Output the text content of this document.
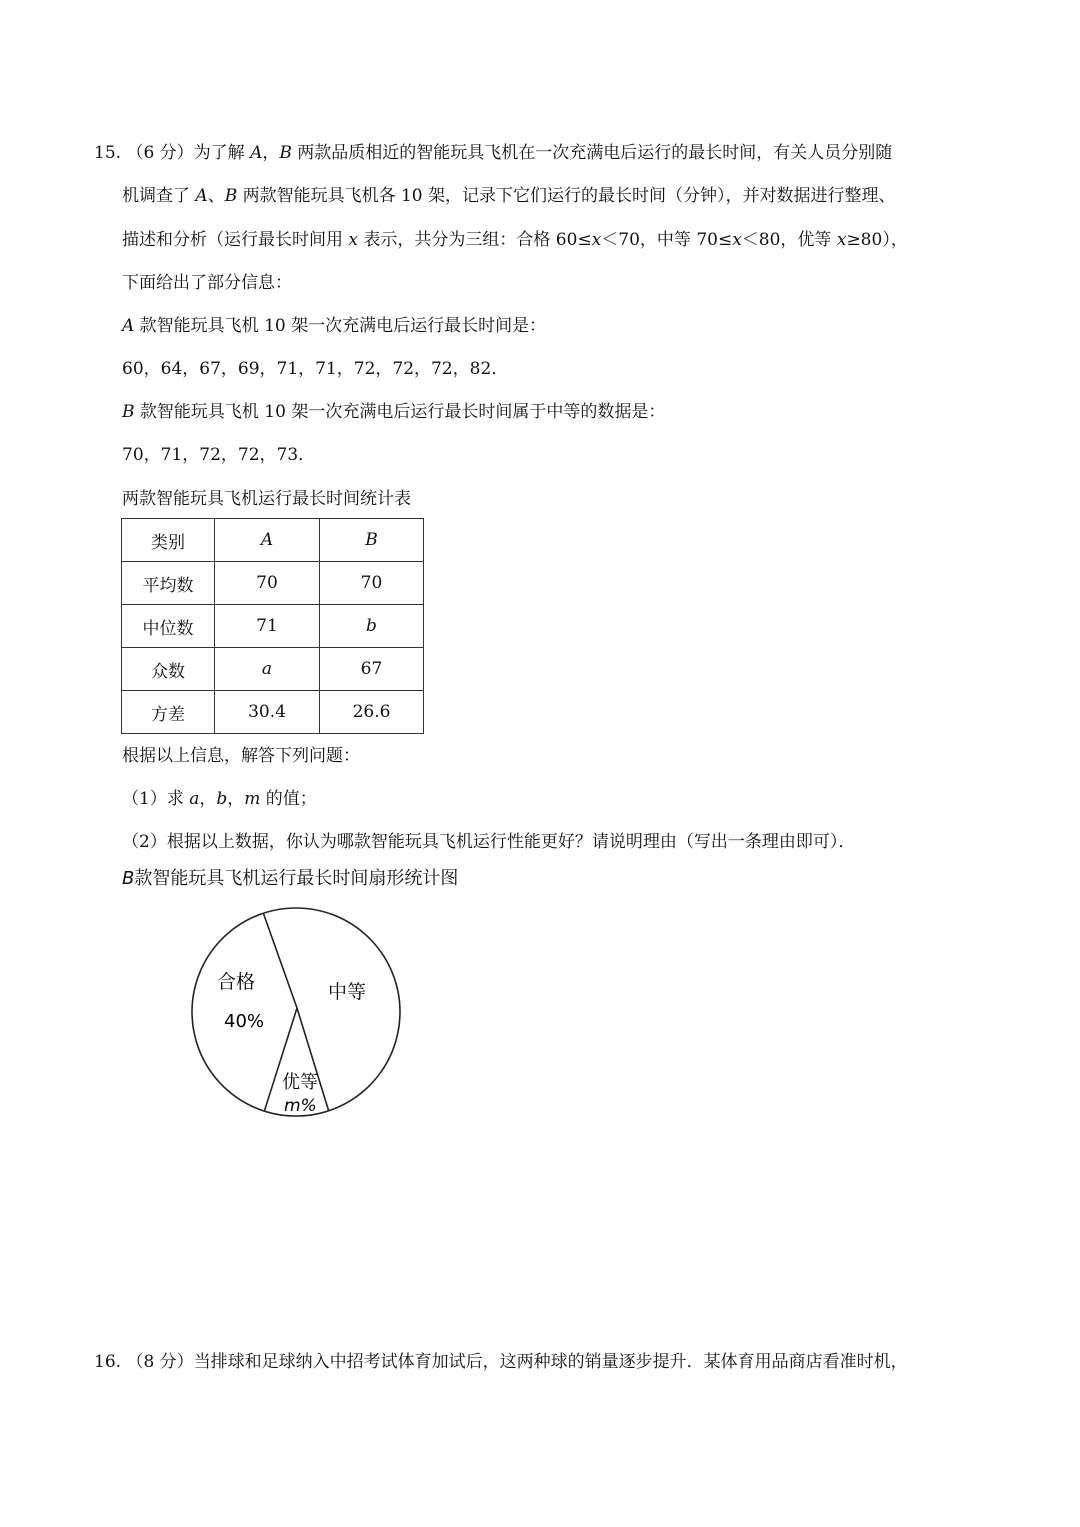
15. （6 分）为了解 A，B 两款品质相近的智能玩具飞机在一次充满电后运行的最长时间，有关人员分别随
机调查了 A、B 两款智能玩具飞机各 10 架，记录下它们运行的最长时间（分钟），并对数据进行整理、
描述和分析（运行最长时间用 x 表示，共分为三组：合格 60≤x＜70，中等 70≤x＜80，优等 x≥80），
下面给出了部分信息：
A 款智能玩具飞机 10 架一次充满电后运行最长时间是：
60，64，67，69，71，71，72，72，72，82．
B 款智能玩具飞机 10 架一次充满电后运行最长时间属于中等的数据是：
70，71，72，72，73．
两款智能玩具飞机运行最长时间统计表
类别	A	B
平均数	70	70
中位数	71	b
众数	a	67
方差	30.4	26.6
根据以上信息，解答下列问题：
（1）求 a，b，m 的值；
（2）根据以上数据，你认为哪款智能玩具飞机运行性能更好？请说明理由（写出一条理由即可）．
B款智能玩具飞机运行最长时间扇形统计图
合格
40%
中等
优等
m%
16. （8 分）当排球和足球纳入中招考试体育加试后，这两种球的销量逐步提升．某体育用品商店看准时机，
